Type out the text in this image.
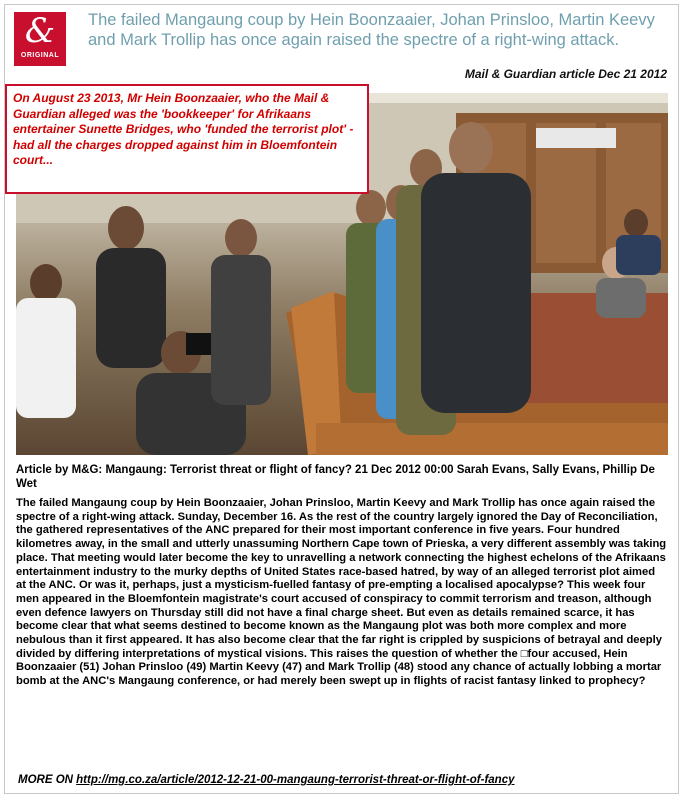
&
ORIGINAL
The failed Mangaung coup by Hein Boonzaaier, Johan Prinsloo, Martin Keevy and Mark Trollip has once again raised the spectre of a right-wing attack.
Mail & Guardian article Dec 21 2012
On August 23 2013, Mr Hein Boonzaaier, who the Mail & Guardian alleged was the 'bookkeeper' for Afrikaans entertainer Sunette Bridges, who 'funded the terrorist plot' - had all the charges dropped against him in Bloemfontein court...
Article by M&G: Mangaung: Terrorist threat or flight of fancy? 21 Dec 2012 00:00 Sarah Evans, Sally Evans, Phillip De Wet

The failed Mangaung coup by Hein Boonzaaier, Johan Prinsloo, Martin Keevy and Mark Trollip has once again raised the spectre of a right-wing attack. Sunday, December 16. As the rest of the country largely ignored the Day of Reconciliation, the gathered representatives of the ANC prepared for their most important conference in five years. Four hundred kilometres away, in the small and utterly unassuming Northern Cape town of Prieska, a very different assembly was taking place. That meeting would later become the key to unravelling a network connecting the highest echelons of the Afrikaans entertainment industry to the murky depths of United States race-based hatred, by way of an alleged terrorist plot aimed at the ANC. Or was it, perhaps, just a mysticism-fuelled fantasy of pre-empting a localised apocalypse? This week four men appeared in the Bloemfontein magistrate's court accused of conspiracy to commit terrorism and treason, although even defence lawyers on Thursday still did not have a final charge sheet. But even as details remained scarce, it has become clear that what seems destined to become known as the Mangaung plot was both more complex and more nebulous than it first appeared. It has also become clear that the far right is crippled by suspicions of betrayal and deeply divided by differing interpretations of mystical visions. This raises the question of whether the □four accused, Hein Boonzaaier (51) Johan Prinsloo (49) Martin Keevy (47) and Mark Trollip (48) stood any chance of actually lobbing a mortar bomb at the ANC's Mangaung conference, or had merely been swept up in flights of racist fantasy linked to prophecy?

MORE ON http://mg.co.za/article/2012-12-21-00-mangaung-terrorist-threat-or-flight-of-fancy
